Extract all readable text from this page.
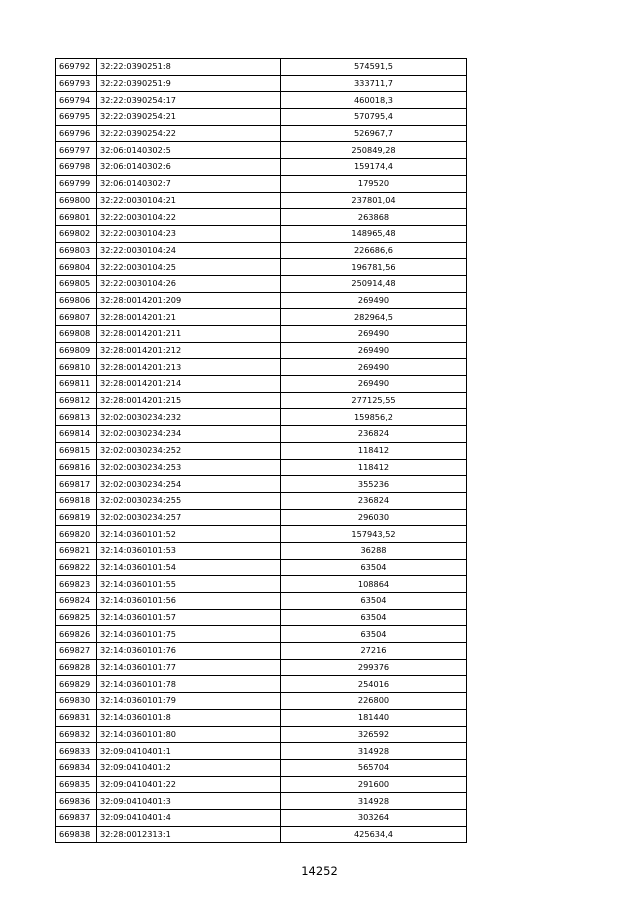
669792	32:22:0390251:8	574591,5
669793	32:22:0390251:9	333711,7
669794	32:22:0390254:17	460018,3
669795	32:22:0390254:21	570795,4
669796	32:22:0390254:22	526967,7
669797	32:06:0140302:5	250849,28
669798	32:06:0140302:6	159174,4
669799	32:06:0140302:7	179520
669800	32:22:0030104:21	237801,04
669801	32:22:0030104:22	263868
669802	32:22:0030104:23	148965,48
669803	32:22:0030104:24	226686,6
669804	32:22:0030104:25	196781,56
669805	32:22:0030104:26	250914,48
669806	32:28:0014201:209	269490
669807	32:28:0014201:21	282964,5
669808	32:28:0014201:211	269490
669809	32:28:0014201:212	269490
669810	32:28:0014201:213	269490
669811	32:28:0014201:214	269490
669812	32:28:0014201:215	277125,55
669813	32:02:0030234:232	159856,2
669814	32:02:0030234:234	236824
669815	32:02:0030234:252	118412
669816	32:02:0030234:253	118412
669817	32:02:0030234:254	355236
669818	32:02:0030234:255	236824
669819	32:02:0030234:257	296030
669820	32:14:0360101:52	157943,52
669821	32:14:0360101:53	36288
669822	32:14:0360101:54	63504
669823	32:14:0360101:55	108864
669824	32:14:0360101:56	63504
669825	32:14:0360101:57	63504
669826	32:14:0360101:75	63504
669827	32:14:0360101:76	27216
669828	32:14:0360101:77	299376
669829	32:14:0360101:78	254016
669830	32:14:0360101:79	226800
669831	32:14:0360101:8	181440
669832	32:14:0360101:80	326592
669833	32:09:0410401:1	314928
669834	32:09:0410401:2	565704
669835	32:09:0410401:22	291600
669836	32:09:0410401:3	314928
669837	32:09:0410401:4	303264
669838	32:28:0012313:1	425634,4
14252
